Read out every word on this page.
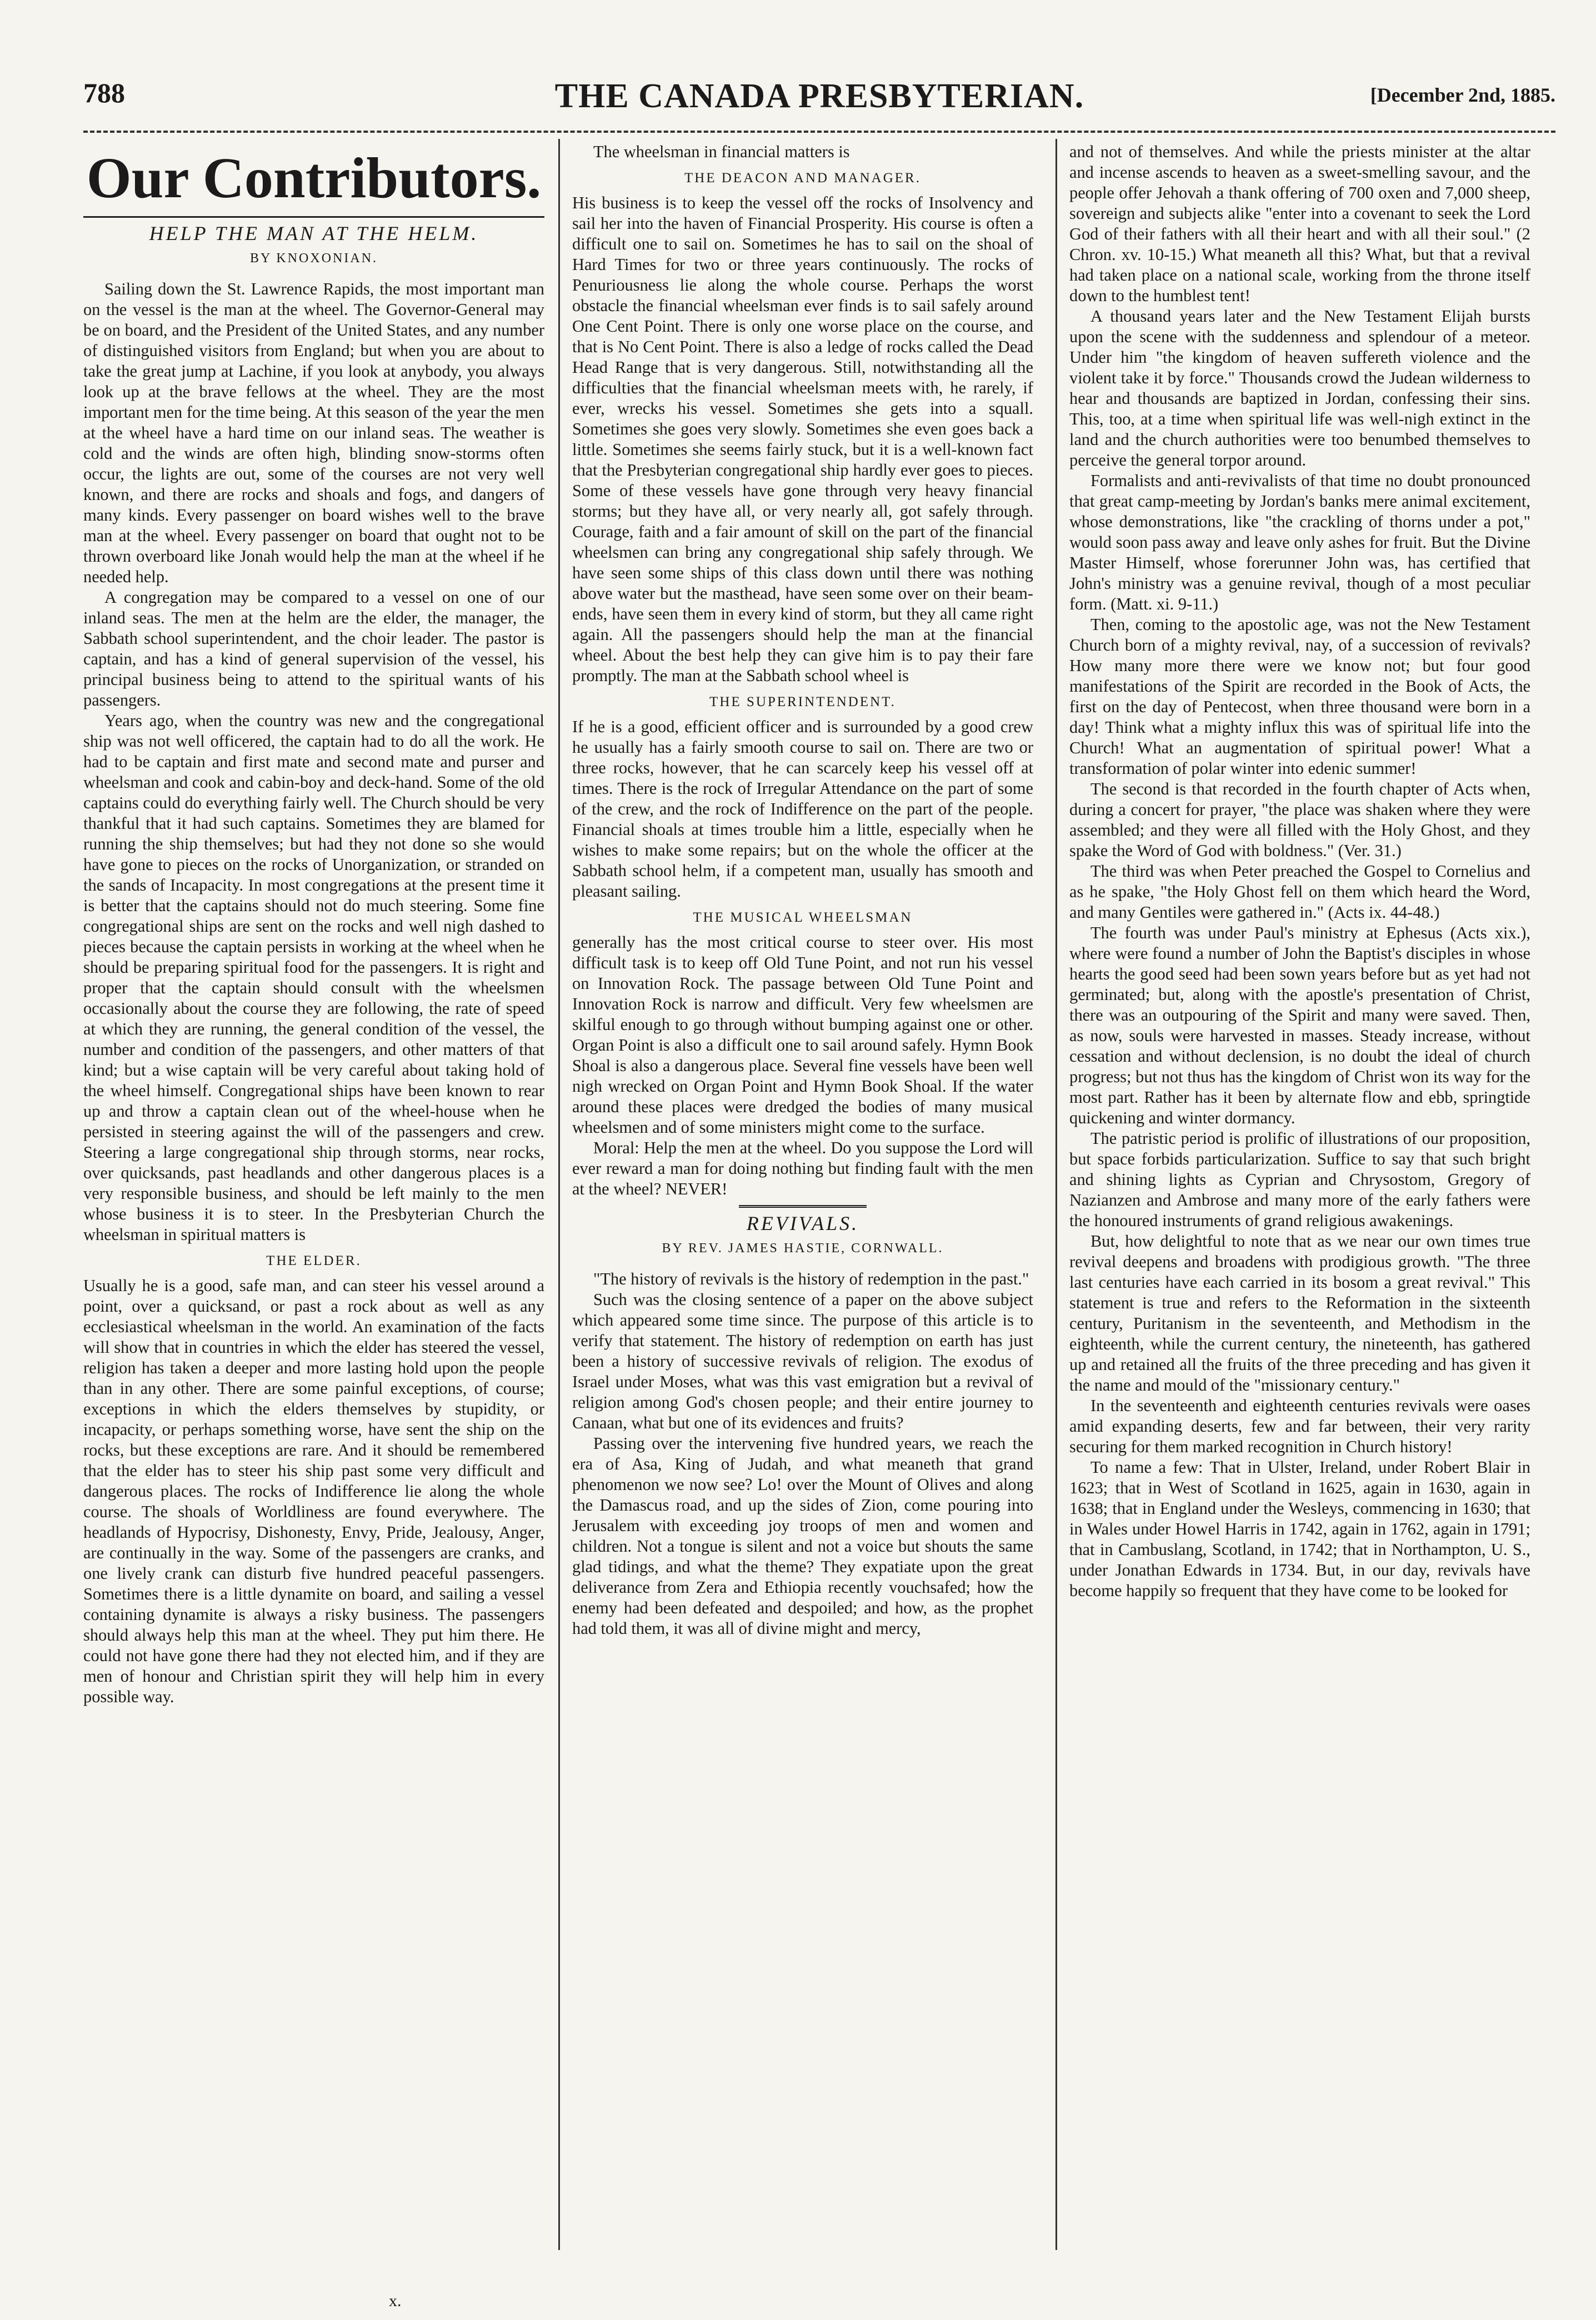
788	THE CANADA PRESBYTERIAN.	[December 2nd, 1885.
Our Contributors.
HELP THE MAN AT THE HELM.
BY KNOXONIAN.

Sailing down the St. Lawrence Rapids, the most important man on the vessel is the man at the wheel. The Governor-General may be on board, and the President of the United States, and any number of distinguished visitors from England; but when you are about to take the great jump at Lachine, if you look at anybody, you always look up at the brave fellows at the wheel. They are the most important men for the time being. At this season of the year the men at the wheel have a hard time on our inland seas. The weather is cold and the winds are often high, blinding snow-storms often occur, the lights are out, some of the courses are not very well known, and there are rocks and shoals and fogs, and dangers of many kinds. Every passenger on board wishes well to the brave man at the wheel. Every passenger on board that ought not to be thrown overboard like Jonah would help the man at the wheel if he needed help.

A congregation may be compared to a vessel on one of our inland seas. The men at the helm are the elder, the manager, the Sabbath school superintendent, and the choir leader. The pastor is captain, and has a kind of general supervision of the vessel, his principal business being to attend to the spiritual wants of his passengers.

Years ago, when the country was new and the congregational ship was not well officered, the captain had to do all the work. He had to be captain and first mate and second mate and purser and wheelsman and cook and cabin-boy and deck-hand. Some of the old captains could do everything fairly well. The Church should be very thankful that it had such captains. Sometimes they are blamed for running the ship themselves; but had they not done so she would have gone to pieces on the rocks of Unorganization, or stranded on the sands of Incapacity. In most congregations at the present time it is better that the captains should not do much steering. Some fine congregational ships are sent on the rocks and well nigh dashed to pieces because the captain persists in working at the wheel when he should be preparing spiritual food for the passengers. It is right and proper that the captain should consult with the wheelsmen occasionally about the course they are following, the rate of speed at which they are running, the general condition of the vessel, the number and condition of the passengers, and other matters of that kind; but a wise captain will be very careful about taking hold of the wheel himself. Congregational ships have been known to rear up and throw a captain clean out of the wheel-house when he persisted in steering against the will of the passengers and crew. Steering a large congregational ship through storms, near rocks, over quicksands, past headlands and other dangerous places is a very responsible business, and should be left mainly to the men whose business it is to steer. In the Presbyterian Church the wheelsman in spiritual matters is

THE ELDER.

Usually he is a good, safe man, and can steer his vessel around a point, over a quicksand, or past a rock about as well as any ecclesiastical wheelsman in the world. An examination of the facts will show that in countries in which the elder has steered the vessel, religion has taken a deeper and more lasting hold upon the people than in any other. There are some painful exceptions, of course; exceptions in which the elders themselves by stupidity, or incapacity, or perhaps something worse, have sent the ship on the rocks, but these exceptions are rare. And it should be remembered that the elder has to steer his ship past some very difficult and dangerous places. The rocks of Indifference lie along the whole course. The shoals of Worldliness are found everywhere. The headlands of Hypocrisy, Dishonesty, Envy, Pride, Jealousy, Anger, are continually in the way. Some of the passengers are cranks, and one lively crank can disturb five hundred peaceful passengers. Sometimes there is a little dynamite on board, and sailing a vessel containing dynamite is always a risky business. The passengers should always help this man at the wheel. They put him there. He could not have gone there had they not elected him, and if they are men of honour and Christian spirit they will help him in every possible way.

The wheelsman in financial matters is

THE DEACON AND MANAGER.

His business is to keep the vessel off the rocks of Insolvency and sail her into the haven of Financial Prosperity. His course is often a difficult one to sail on. Sometimes he has to sail on the shoal of Hard Times for two or three years continuously. The rocks of Penuriousness lie along the whole course. Perhaps the worst obstacle the financial wheelsman ever finds is to sail safely around One Cent Point. There is only one worse place on the course, and that is No Cent Point. There is also a ledge of rocks called the Dead Head Range that is very dangerous. Still, notwithstanding all the difficulties that the financial wheelsman meets with, he rarely, if ever, wrecks his vessel. Sometimes she gets into a squall. Sometimes she goes very slowly. Sometimes she even goes back a little. Sometimes she seems fairly stuck, but it is a well-known fact that the Presbyterian congregational ship hardly ever goes to pieces. Some of these vessels have gone through very heavy financial storms; but they have all, or very nearly all, got safely through. Courage, faith and a fair amount of skill on the part of the financial wheelsmen can bring any congregational ship safely through. We have seen some ships of this class down until there was nothing above water but the masthead, have seen some over on their beam-ends, have seen them in every kind of storm, but they all came right again. All the passengers should help the man at the financial wheel. About the best help they can give him is to pay their fare promptly. The man at the Sabbath school wheel is

THE SUPERINTENDENT.

If he is a good, efficient officer and is surrounded by a good crew he usually has a fairly smooth course to sail on. There are two or three rocks, however, that he can scarcely keep his vessel off at times. There is the rock of Irregular Attendance on the part of some of the crew, and the rock of Indifference on the part of the people. Financial shoals at times trouble him a little, especially when he wishes to make some repairs; but on the whole the officer at the Sabbath school helm, if a competent man, usually has smooth and pleasant sailing.

THE MUSICAL WHEELSMAN

generally has the most critical course to steer over. His most difficult task is to keep off Old Tune Point, and not run his vessel on Innovation Rock. The passage between Old Tune Point and Innovation Rock is narrow and difficult. Very few wheelsmen are skilful enough to go through without bumping against one or other. Organ Point is also a difficult one to sail around safely. Hymn Book Shoal is also a dangerous place. Several fine vessels have been well nigh wrecked on Organ Point and Hymn Book Shoal. If the water around these places were dredged the bodies of many musical wheelsmen and of some ministers might come to the surface.

Moral: Help the men at the wheel. Do you suppose the Lord will ever reward a man for doing nothing but finding fault with the men at the wheel? NEVER!

REVIVALS.
BY REV. JAMES HASTIE, CORNWALL.

"The history of revivals is the history of redemption in the past."

Such was the closing sentence of a paper on the above subject which appeared some time since. The purpose of this article is to verify that statement. The history of redemption on earth has just been a history of successive revivals of religion. The exodus of Israel under Moses, what was this vast emigration but a revival of religion among God's chosen people; and their entire journey to Canaan, what but one of its evidences and fruits?

Passing over the intervening five hundred years, we reach the era of Asa, King of Judah, and what meaneth that grand phenomenon we now see? Lo! over the Mount of Olives and along the Damascus road, and up the sides of Zion, come pouring into Jerusalem with exceeding joy troops of men and women and children. Not a tongue is silent and not a voice but shouts the same glad tidings, and what the theme? They expatiate upon the great deliverance from Zera and Ethiopia recently vouchsafed; how the enemy had been defeated and despoiled; and how, as the prophet had told them, it was all of divine might and mercy,

and not of themselves. And while the priests minister at the altar and incense ascends to heaven as a sweet-smelling savour, and the people offer Jehovah a thank offering of 700 oxen and 7,000 sheep, sovereign and subjects alike "enter into a covenant to seek the Lord God of their fathers with all their heart and with all their soul." (2 Chron. xv. 10-15.) What meaneth all this? What, but that a revival had taken place on a national scale, working from the throne itself down to the humblest tent!

A thousand years later and the New Testament Elijah bursts upon the scene with the suddenness and splendour of a meteor. Under him "the kingdom of heaven suffereth violence and the violent take it by force." Thousands crowd the Judean wilderness to hear and thousands are baptized in Jordan, confessing their sins. This, too, at a time when spiritual life was well-nigh extinct in the land and the church authorities were too benumbed themselves to perceive the general torpor around.

Formalists and anti-revivalists of that time no doubt pronounced that great camp-meeting by Jordan's banks mere animal excitement, whose demonstrations, like "the crackling of thorns under a pot," would soon pass away and leave only ashes for fruit. But the Divine Master Himself, whose forerunner John was, has certified that John's ministry was a genuine revival, though of a most peculiar form. (Matt. xi. 9-11.)

Then, coming to the apostolic age, was not the New Testament Church born of a mighty revival, nay, of a succession of revivals? How many more there were we know not; but four good manifestations of the Spirit are recorded in the Book of Acts, the first on the day of Pentecost, when three thousand were born in a day! Think what a mighty influx this was of spiritual life into the Church! What an augmentation of spiritual power! What a transformation of polar winter into edenic summer!

The second is that recorded in the fourth chapter of Acts when, during a concert for prayer, "the place was shaken where they were assembled; and they were all filled with the Holy Ghost, and they spake the Word of God with boldness." (Ver. 31.)

The third was when Peter preached the Gospel to Cornelius and as he spake, "the Holy Ghost fell on them which heard the Word, and many Gentiles were gathered in." (Acts ix. 44-48.)

The fourth was under Paul's ministry at Ephesus (Acts xix.), where were found a number of John the Baptist's disciples in whose hearts the good seed had been sown years before but as yet had not germinated; but, along with the apostle's presentation of Christ, there was an outpouring of the Spirit and many were saved. Then, as now, souls were harvested in masses. Steady increase, without cessation and without declension, is no doubt the ideal of church progress; but not thus has the kingdom of Christ won its way for the most part. Rather has it been by alternate flow and ebb, springtide quickening and winter dormancy.

The patristic period is prolific of illustrations of our proposition, but space forbids particularization. Suffice to say that such bright and shining lights as Cyprian and Chrysostom, Gregory of Nazianzen and Ambrose and many more of the early fathers were the honoured instruments of grand religious awakenings.

But, how delightful to note that as we near our own times true revival deepens and broadens with prodigious growth. "The three last centuries have each carried in its bosom a great revival." This statement is true and refers to the Reformation in the sixteenth century, Puritanism in the seventeenth, and Methodism in the eighteenth, while the current century, the nineteenth, has gathered up and retained all the fruits of the three preceding and has given it the name and mould of the "missionary century."

In the seventeenth and eighteenth centuries revivals were oases amid expanding deserts, few and far between, their very rarity securing for them marked recognition in Church history!

To name a few: That in Ulster, Ireland, under Robert Blair in 1623; that in West of Scotland in 1625, again in 1630, again in 1638; that in England under the Wesleys, commencing in 1630; that in Wales under Howel Harris in 1742, again in 1762, again in 1791; that in Cambuslang, Scotland, in 1742; that in Northampton, U. S., under Jonathan Edwards in 1734. But, in our day, revivals have become happily so frequent that they have come to be looked for

x.
